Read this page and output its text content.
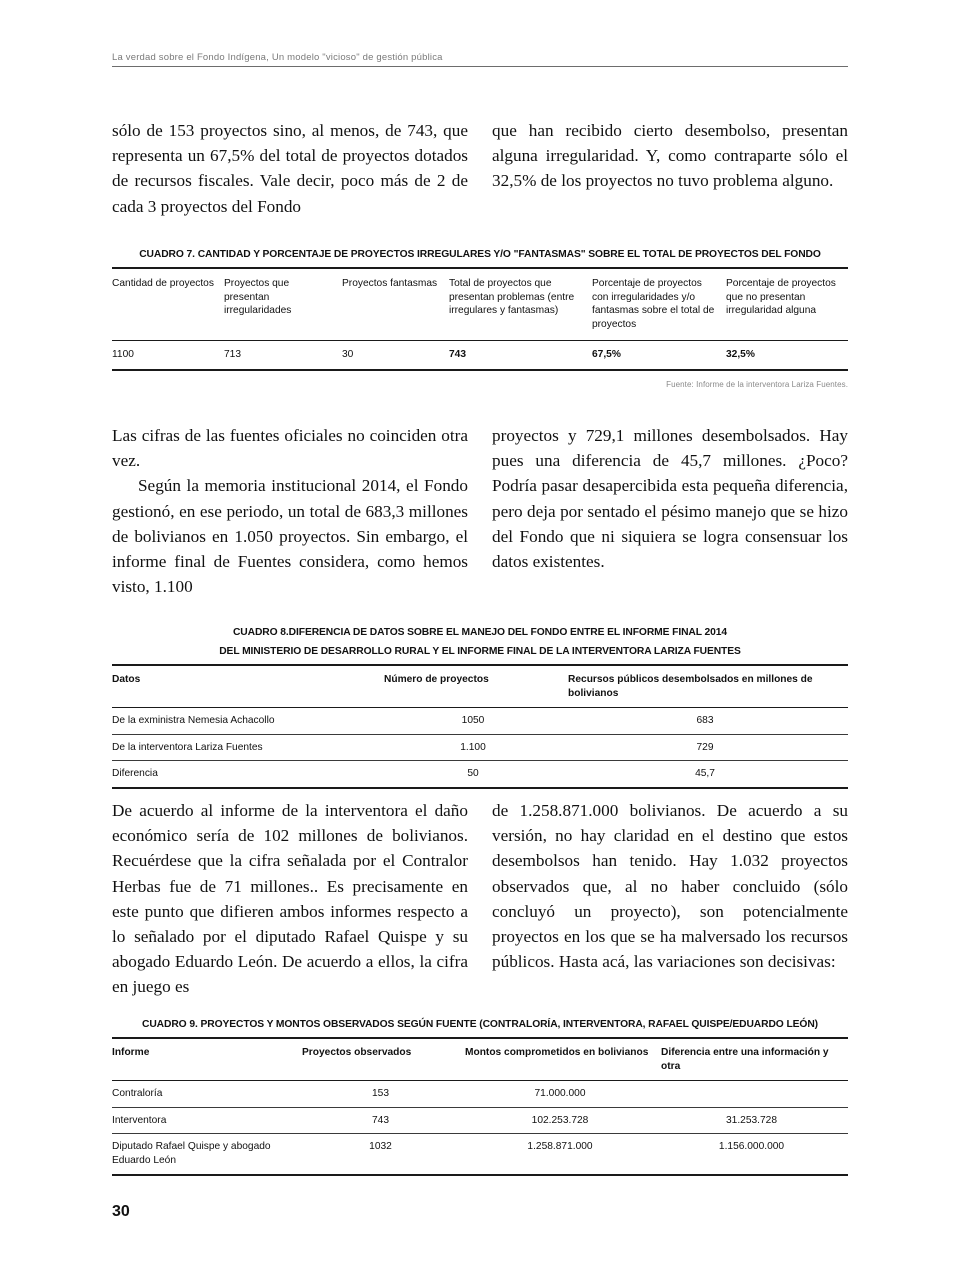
La verdad sobre el Fondo Indígena, Un modelo "vicioso" de gestión pública

sólo de 153 proyectos sino, al menos, de 743, que representa un 67,5% del total de proyectos dotados de recursos fiscales. Vale decir, poco más de 2 de cada 3 proyectos del Fondo

que han recibido cierto desembolso, presentan alguna irregularidad. Y, como contraparte sólo el 32,5% de los proyectos no tuvo problema alguno.

CUADRO 7. CANTIDAD Y PORCENTAJE DE PROYECTOS IRREGULARES Y/O "FANTASMAS" SOBRE EL TOTAL DE PROYECTOS DEL FONDO
Cantidad de proyectos	Proyectos que presentan irregularidades	Proyectos fantasmas	Total de proyectos que presentan problemas (entre irregulares y fantasmas)	Porcentaje de proyectos con irregularidades y/o fantasmas sobre el total de proyectos	Porcentaje de proyectos que no presentan irregularidad alguna
1100	713	30	743	67,5%	32,5%
Fuente: Informe de la interventora Lariza Fuentes.

Las cifras de las fuentes oficiales no coinciden otra vez.

Según la memoria institucional 2014, el Fondo gestionó, en ese periodo, un total de 683,3 millones de bolivianos en 1.050 proyectos. Sin embargo, el informe final de Fuentes considera, como hemos visto, 1.100

proyectos y 729,1 millones desembolsados. Hay pues una diferencia de 45,7 millones. ¿Poco? Podría pasar desapercibida esta pequeña diferencia, pero deja por sentado el pésimo manejo que se hizo del Fondo que ni siquiera se logra consensuar los datos existentes.

CUADRO 8.DIFERENCIA DE DATOS SOBRE EL MANEJO DEL FONDO ENTRE EL INFORME FINAL 2014
DEL MINISTERIO DE DESARROLLO RURAL Y EL INFORME FINAL DE LA INTERVENTORA LARIZA FUENTES
Datos	Número de proyectos	Recursos públicos desembolsados en millones de bolivianos
De la exministra Nemesia Achacollo	1050	683
De la interventora Lariza Fuentes	1.100	729
Diferencia	50	45,7

De acuerdo al informe de la interventora el daño económico sería de 102 millones de bolivianos. Recuérdese que la cifra señalada por el Contralor Herbas fue de 71 millones.. Es precisamente en este punto que difieren ambos informes respecto a lo señalado por el diputado Rafael Quispe y su abogado Eduardo León. De acuerdo a ellos, la cifra en juego es

de 1.258.871.000 bolivianos. De acuerdo a su versión, no hay claridad en el destino que estos desembolsos han tenido. Hay 1.032 proyectos observados que, al no haber concluido (sólo concluyó un proyecto), son potencialmente proyectos en los que se ha malversado los recursos públicos. Hasta acá, las variaciones son decisivas:

CUADRO 9. PROYECTOS Y MONTOS OBSERVADOS SEGÚN FUENTE (CONTRALORÍA, INTERVENTORA, RAFAEL QUISPE/EDUARDO LEÓN)
Informe	Proyectos observados	Montos comprometidos en bolivianos	Diferencia entre una información y otra
Contraloría	153	71.000.000	
Interventora	743	102.253.728	31.253.728
Diputado Rafael Quispe y abogado Eduardo León	1032	1.258.871.000	1.156.000.000
30
